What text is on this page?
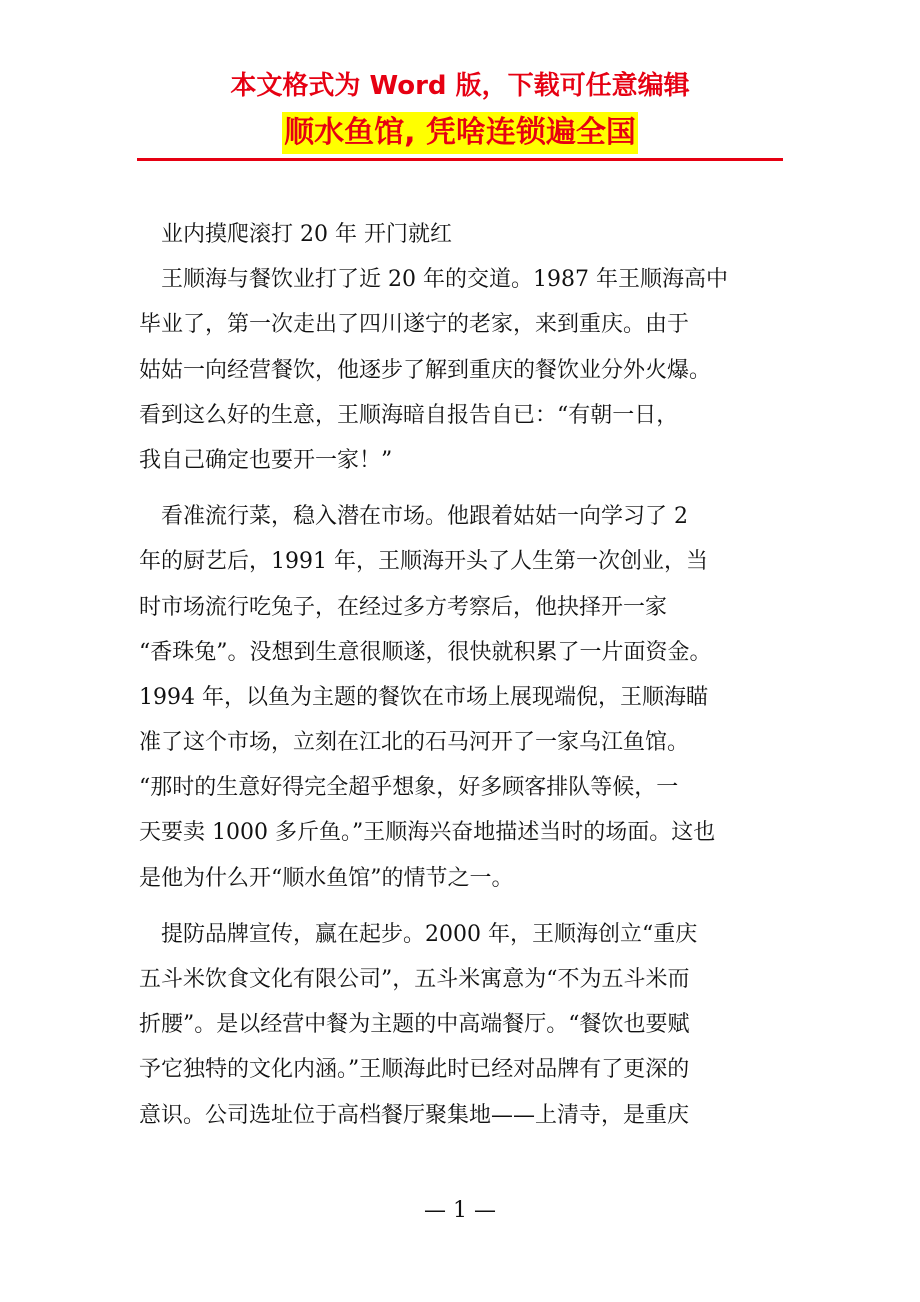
本文格式为 Word 版，下载可任意编辑
顺水鱼馆, 凭啥连锁遍全国
　业内摸爬滚打 20 年 开门就红
　王顺海与餐饮业打了近 20 年的交道。1987 年王顺海高中
毕业了，第一次走出了四川遂宁的老家，来到重庆。由于
姑姑一向经营餐饮，他逐步了解到重庆的餐饮业分外火爆。
看到这么好的生意，王顺海暗自报告自已：“有朝一日，
我自己确定也要开一家！”
　看准流行菜，稳入潜在市场。他跟着姑姑一向学习了 2
年的厨艺后，1991 年，王顺海开头了人生第一次创业，当
时市场流行吃兔子，在经过多方考察后，他抉择开一家
“香珠兔”。没想到生意很顺遂，很快就积累了一片面资金。
1994 年，以鱼为主题的餐饮在市场上展现端倪，王顺海瞄
准了这个市场，立刻在江北的石马河开了一家乌江鱼馆。
“那时的生意好得完全超乎想象，好多顾客排队等候，一
天要卖 1000 多斤鱼。”王顺海兴奋地描述当时的场面。这也
是他为什么开“顺水鱼馆”的情节之一。
　提防品牌宣传，赢在起步。2000 年，王顺海创立“重庆
五斗米饮食文化有限公司”，五斗米寓意为“不为五斗米而
折腰”。是以经营中餐为主题的中高端餐厅。“餐饮也要赋
予它独特的文化内涵。”王顺海此时已经对品牌有了更深的
意识。公司选址位于高档餐厅聚集地——上清寺，是重庆
— 1 —
